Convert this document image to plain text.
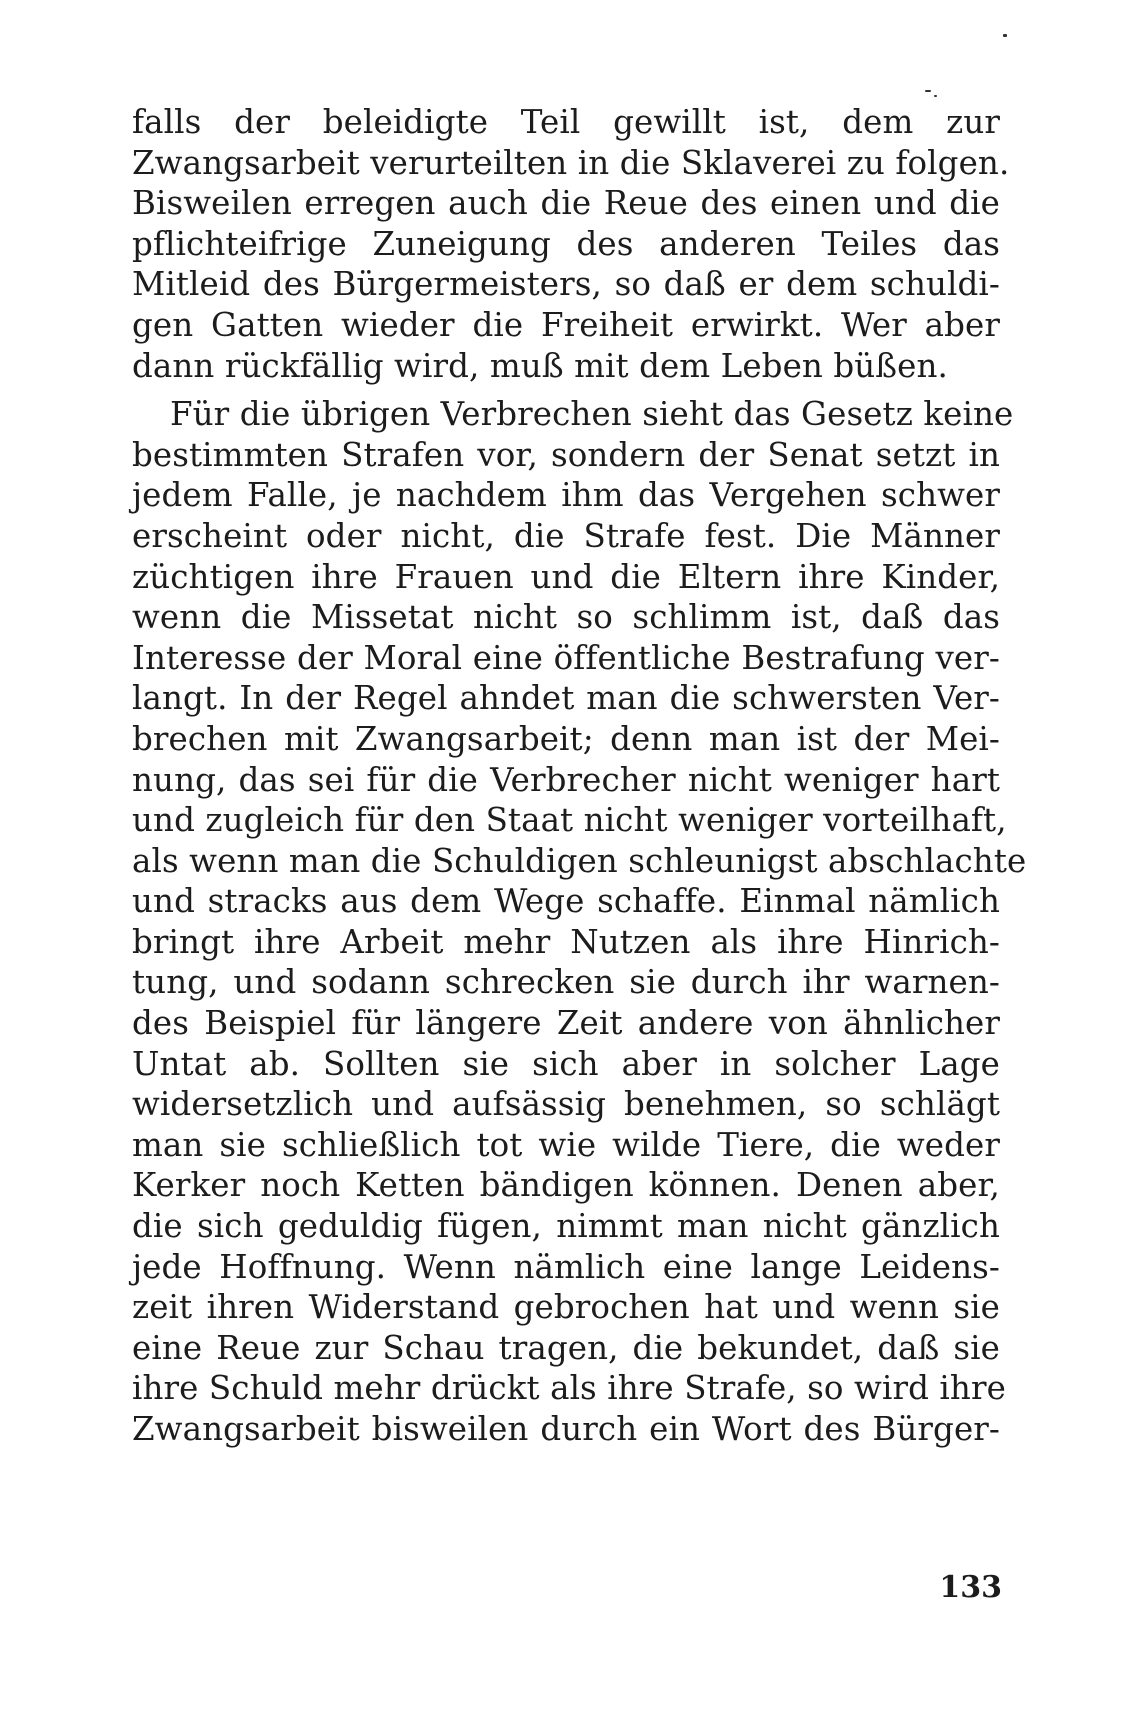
falls der beleidigte Teil gewillt ist, dem zur
Zwangsarbeit verurteilten in die Sklaverei zu folgen.
Bisweilen erregen auch die Reue des einen und die
pflichteifrige Zuneigung des anderen Teiles das
Mitleid des Bürgermeisters, so daß er dem schuldi-
gen Gatten wieder die Freiheit erwirkt. Wer aber
dann rückfällig wird, muß mit dem Leben büßen.
Für die übrigen Verbrechen sieht das Gesetz keine
bestimmten Strafen vor, sondern der Senat setzt in
jedem Falle, je nachdem ihm das Vergehen schwer
erscheint oder nicht, die Strafe fest. Die Männer
züchtigen ihre Frauen und die Eltern ihre Kinder,
wenn die Missetat nicht so schlimm ist, daß das
Interesse der Moral eine öffentliche Bestrafung ver-
langt. In der Regel ahndet man die schwersten Ver-
brechen mit Zwangsarbeit; denn man ist der Mei-
nung, das sei für die Verbrecher nicht weniger hart
und zugleich für den Staat nicht weniger vorteilhaft,
als wenn man die Schuldigen schleunigst abschlachte
und stracks aus dem Wege schaffe. Einmal nämlich
bringt ihre Arbeit mehr Nutzen als ihre Hinrich-
tung, und sodann schrecken sie durch ihr warnen-
des Beispiel für längere Zeit andere von ähnlicher
Untat ab. Sollten sie sich aber in solcher Lage
widersetzlich und aufsässig benehmen, so schlägt
man sie schließlich tot wie wilde Tiere, die weder
Kerker noch Ketten bändigen können. Denen aber,
die sich geduldig fügen, nimmt man nicht gänzlich
jede Hoffnung. Wenn nämlich eine lange Leidens-
zeit ihren Widerstand gebrochen hat und wenn sie
eine Reue zur Schau tragen, die bekundet, daß sie
ihre Schuld mehr drückt als ihre Strafe, so wird ihre
Zwangsarbeit bisweilen durch ein Wort des Bürger-
133
